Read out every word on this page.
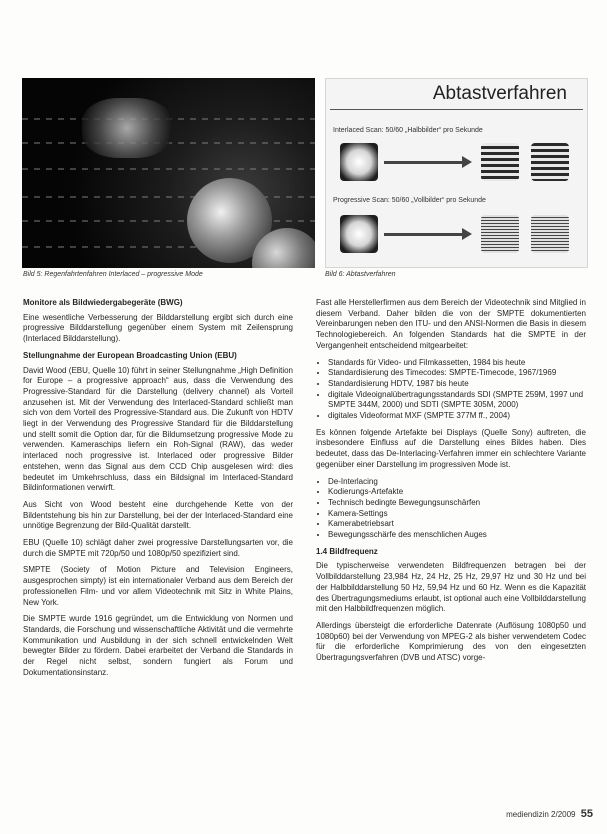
Bild 5: Regenfahrtenfahren Interlaced – progressive Mode
Abtastverfahren
Interlaced Scan: 50/60 „Halbbilder“ pro Sekunde
Progressive Scan: 50/60 „Vollbilder“ pro Sekunde
Bild 6: Abtastverfahren
Monitore als Bildwiedergabegeräte (BWG)

Eine wesentliche Verbesserung der Bilddarstellung ergibt sich durch eine progressive Bilddarstellung gegenüber einem System mit Zeilensprung (Interlaced Bilddarstellung).

Stellungnahme der European Broadcasting Union (EBU)

David Wood (EBU, Quelle 10) führt in seiner Stellungnahme „High Definition for Europe – a progressive approach“ aus, dass die Verwendung des Progressive-Standard für die Darstellung (delivery channel) als Vorteil anzusehen ist. Mit der Verwendung des Interlaced-Standard schließt man sich von dem Vorteil des Progressive-Standard aus. Die Zukunft von HDTV liegt in der Verwendung des Progressive Standard für die Bilddarstellung und stellt somit die Option dar, für die Bildumsetzung progressive Mode zu verwenden. Kameraschips liefern ein Roh-Signal (RAW), das weder interlaced noch progressive ist. Interlaced oder progressive Bilder entstehen, wenn das Signal aus dem CCD Chip ausgelesen wird: dies bedeutet im Umkehrschluss, dass ein Bildsignal im Interlaced-Standard Bildinformationen verwirft.

Aus Sicht von Wood besteht eine durchgehende Kette von der Bildentstehung bis hin zur Darstellung, bei der der Interlaced-Standard eine unnötige Begrenzung der Bild-Qualität darstellt.

EBU (Quelle 10) schlägt daher zwei progressive Darstellungsarten vor, die durch die SMPTE mit 720p/50 und 1080p/50 spezifiziert sind.

SMPTE (Society of Motion Picture and Television Engineers, ausgesprochen simpty) ist ein internationaler Verband aus dem Bereich der professionellen Film- und vor allem Videotechnik mit Sitz in White Plains, New York.

Die SMPTE wurde 1916 gegründet, um die Entwicklung von Normen und Standards, die Forschung und wissenschaftliche Aktivität und die vermehrte Kommunikation und Ausbildung in der sich schnell entwickelnden Welt bewegter Bilder zu fördern. Dabei erarbeitet der Verband die Standards in der Regel nicht selbst, sondern fungiert als Forum und Dokumentationsinstanz.

Fast alle Herstellerfirmen aus dem Bereich der Videotechnik sind Mitglied in diesem Verband. Daher bilden die von der SMPTE dokumentierten Vereinbarungen neben den ITU- und den ANSI-Normen die Basis in diesem Technologiebereich. An folgenden Standards hat die SMPTE in der Vergangenheit entscheidend mitgearbeitet:

• Standards für Video- und Filmkassetten, 1984 bis heute
• Standardisierung des Timecodes: SMPTE-Timecode, 1967/1969
• Standardisierung HDTV, 1987 bis heute
• digitale Videoignalübertragungsstandards SDI (SMPTE 259M, 1997 und SMPTE 344M, 2000) und SDTI (SMPTE 305M, 2000)
• digitales Videoformat MXF (SMPTE 377M ff., 2004)

Es können folgende Artefakte bei Displays (Quelle Sony) auftreten, die insbesondere Einfluss auf die Darstellung eines Bildes haben. Dies bedeutet, dass das De-Interlacing-Verfahren immer ein schlechtere Variante gegenüber einer Darstellung im progressiven Mode ist.

• De-Interlacing
• Kodierungs-Artefakte
• Technisch bedingte Bewegungsunschärfen
• Kamera-Settings
• Kamerabetriebsart
• Bewegungsschärfe des menschlichen Auges
1.4 Bildfrequenz

Die typischerweise verwendeten Bildfrequenzen betragen bei der Vollbilddarstellung 23,984 Hz, 24 Hz, 25 Hz, 29,97 Hz und 30 Hz und bei der Halbbilddarstellung 50 Hz, 59,94 Hz und 60 Hz. Wenn es die Kapazität des Übertragungsmediums erlaubt, ist optional auch eine Vollbilddarstellung mit den Halbbildfrequenzen möglich.

Allerdings übersteigt die erforderliche Datenrate (Auflösung 1080p50 und 1080p60) bei der Verwendung von MPEG-2 als bisher verwendetem Codec für die erforderliche Komprimierung des von den eingesetzten Übertragungsverfahren (DVB und ATSC) vorge-

mediendizin 2/2009 55
